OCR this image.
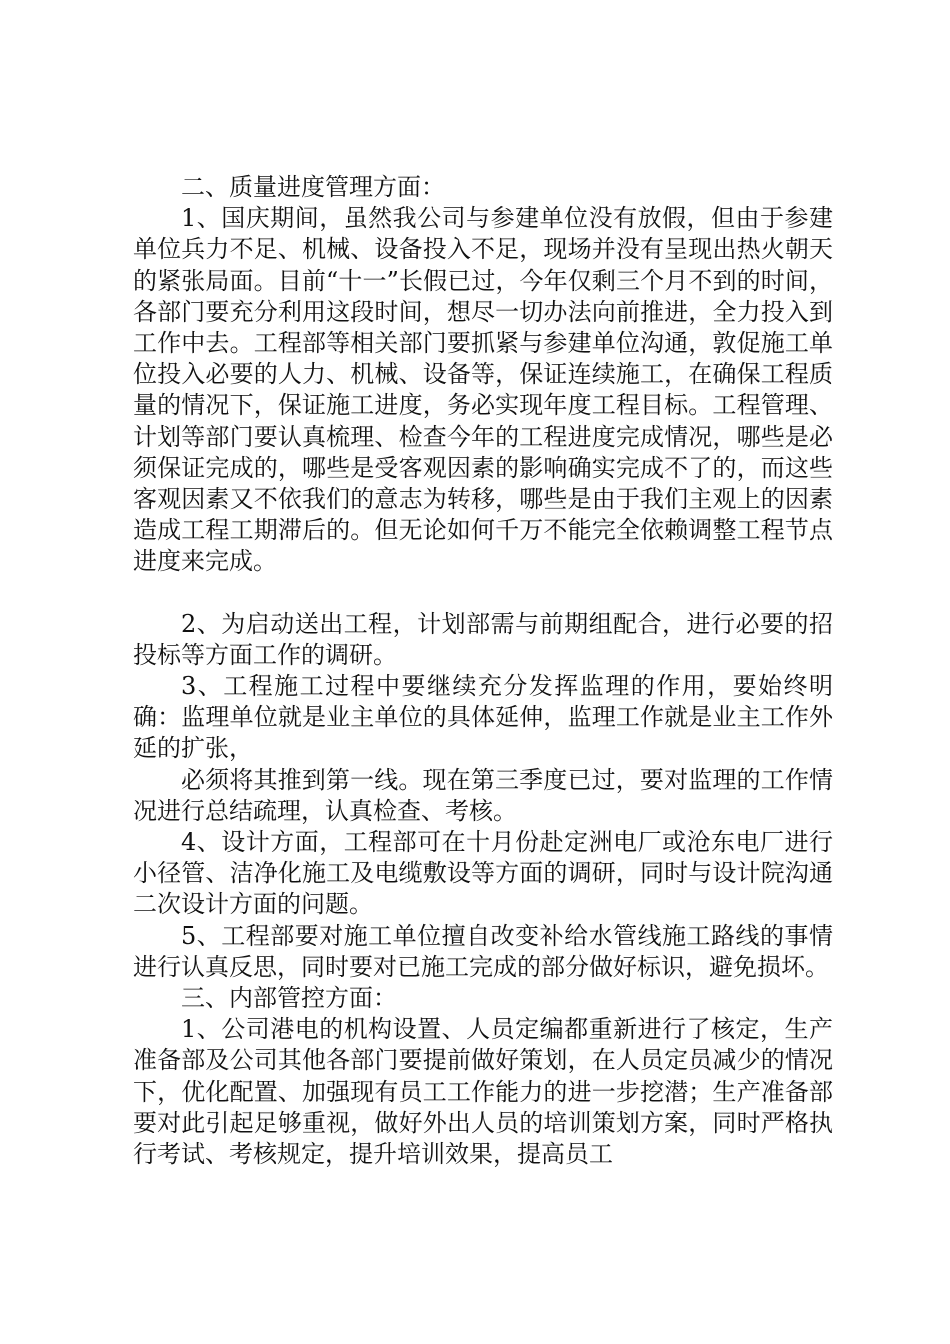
二、质量进度管理方面：

1、国庆期间，虽然我公司与参建单位没有放假，但由于参建单位兵力不足、机械、设备投入不足，现场并没有呈现出热火朝天的紧张局面。目前“十一”长假已过，今年仅剩三个月不到的时间，各部门要充分利用这段时间，想尽一切办法向前推进，全力投入到工作中去。工程部等相关部门要抓紧与参建单位沟通，敦促施工单位投入必要的人力、机械、设备等，保证连续施工，在确保工程质量的情况下，保证施工进度，务必实现年度工程目标。工程管理、计划等部门要认真梳理、检查今年的工程进度完成情况，哪些是必须保证完成的，哪些是受客观因素的影响确实完成不了的，而这些客观因素又不依我们的意志为转移，哪些是由于我们主观上的因素造成工程工期滞后的。但无论如何千万不能完全依赖调整工程节点进度来完成。

2、为启动送出工程，计划部需与前期组配合，进行必要的招投标等方面工作的调研。

3、工程施工过程中要继续充分发挥监理的作用，要始终明确：监理单位就是业主单位的具体延伸，监理工作就是业主工作外延的扩张，

必须将其推到第一线。现在第三季度已过，要对监理的工作情况进行总结疏理，认真检查、考核。

4、设计方面，工程部可在十月份赴定洲电厂或沧东电厂进行小径管、洁净化施工及电缆敷设等方面的调研，同时与设计院沟通二次设计方面的问题。

5、工程部要对施工单位擅自改变补给水管线施工路线的事情进行认真反思，同时要对已施工完成的部分做好标识，避免损坏。

三、内部管控方面：

1、公司港电的机构设置、人员定编都重新进行了核定，生产准备部及公司其他各部门要提前做好策划，在人员定员减少的情况下，优化配置、加强现有员工工作能力的进一步挖潜；生产准备部要对此引起足够重视，做好外出人员的培训策划方案，同时严格执行考试、考核规定，提升培训效果，提高员工
